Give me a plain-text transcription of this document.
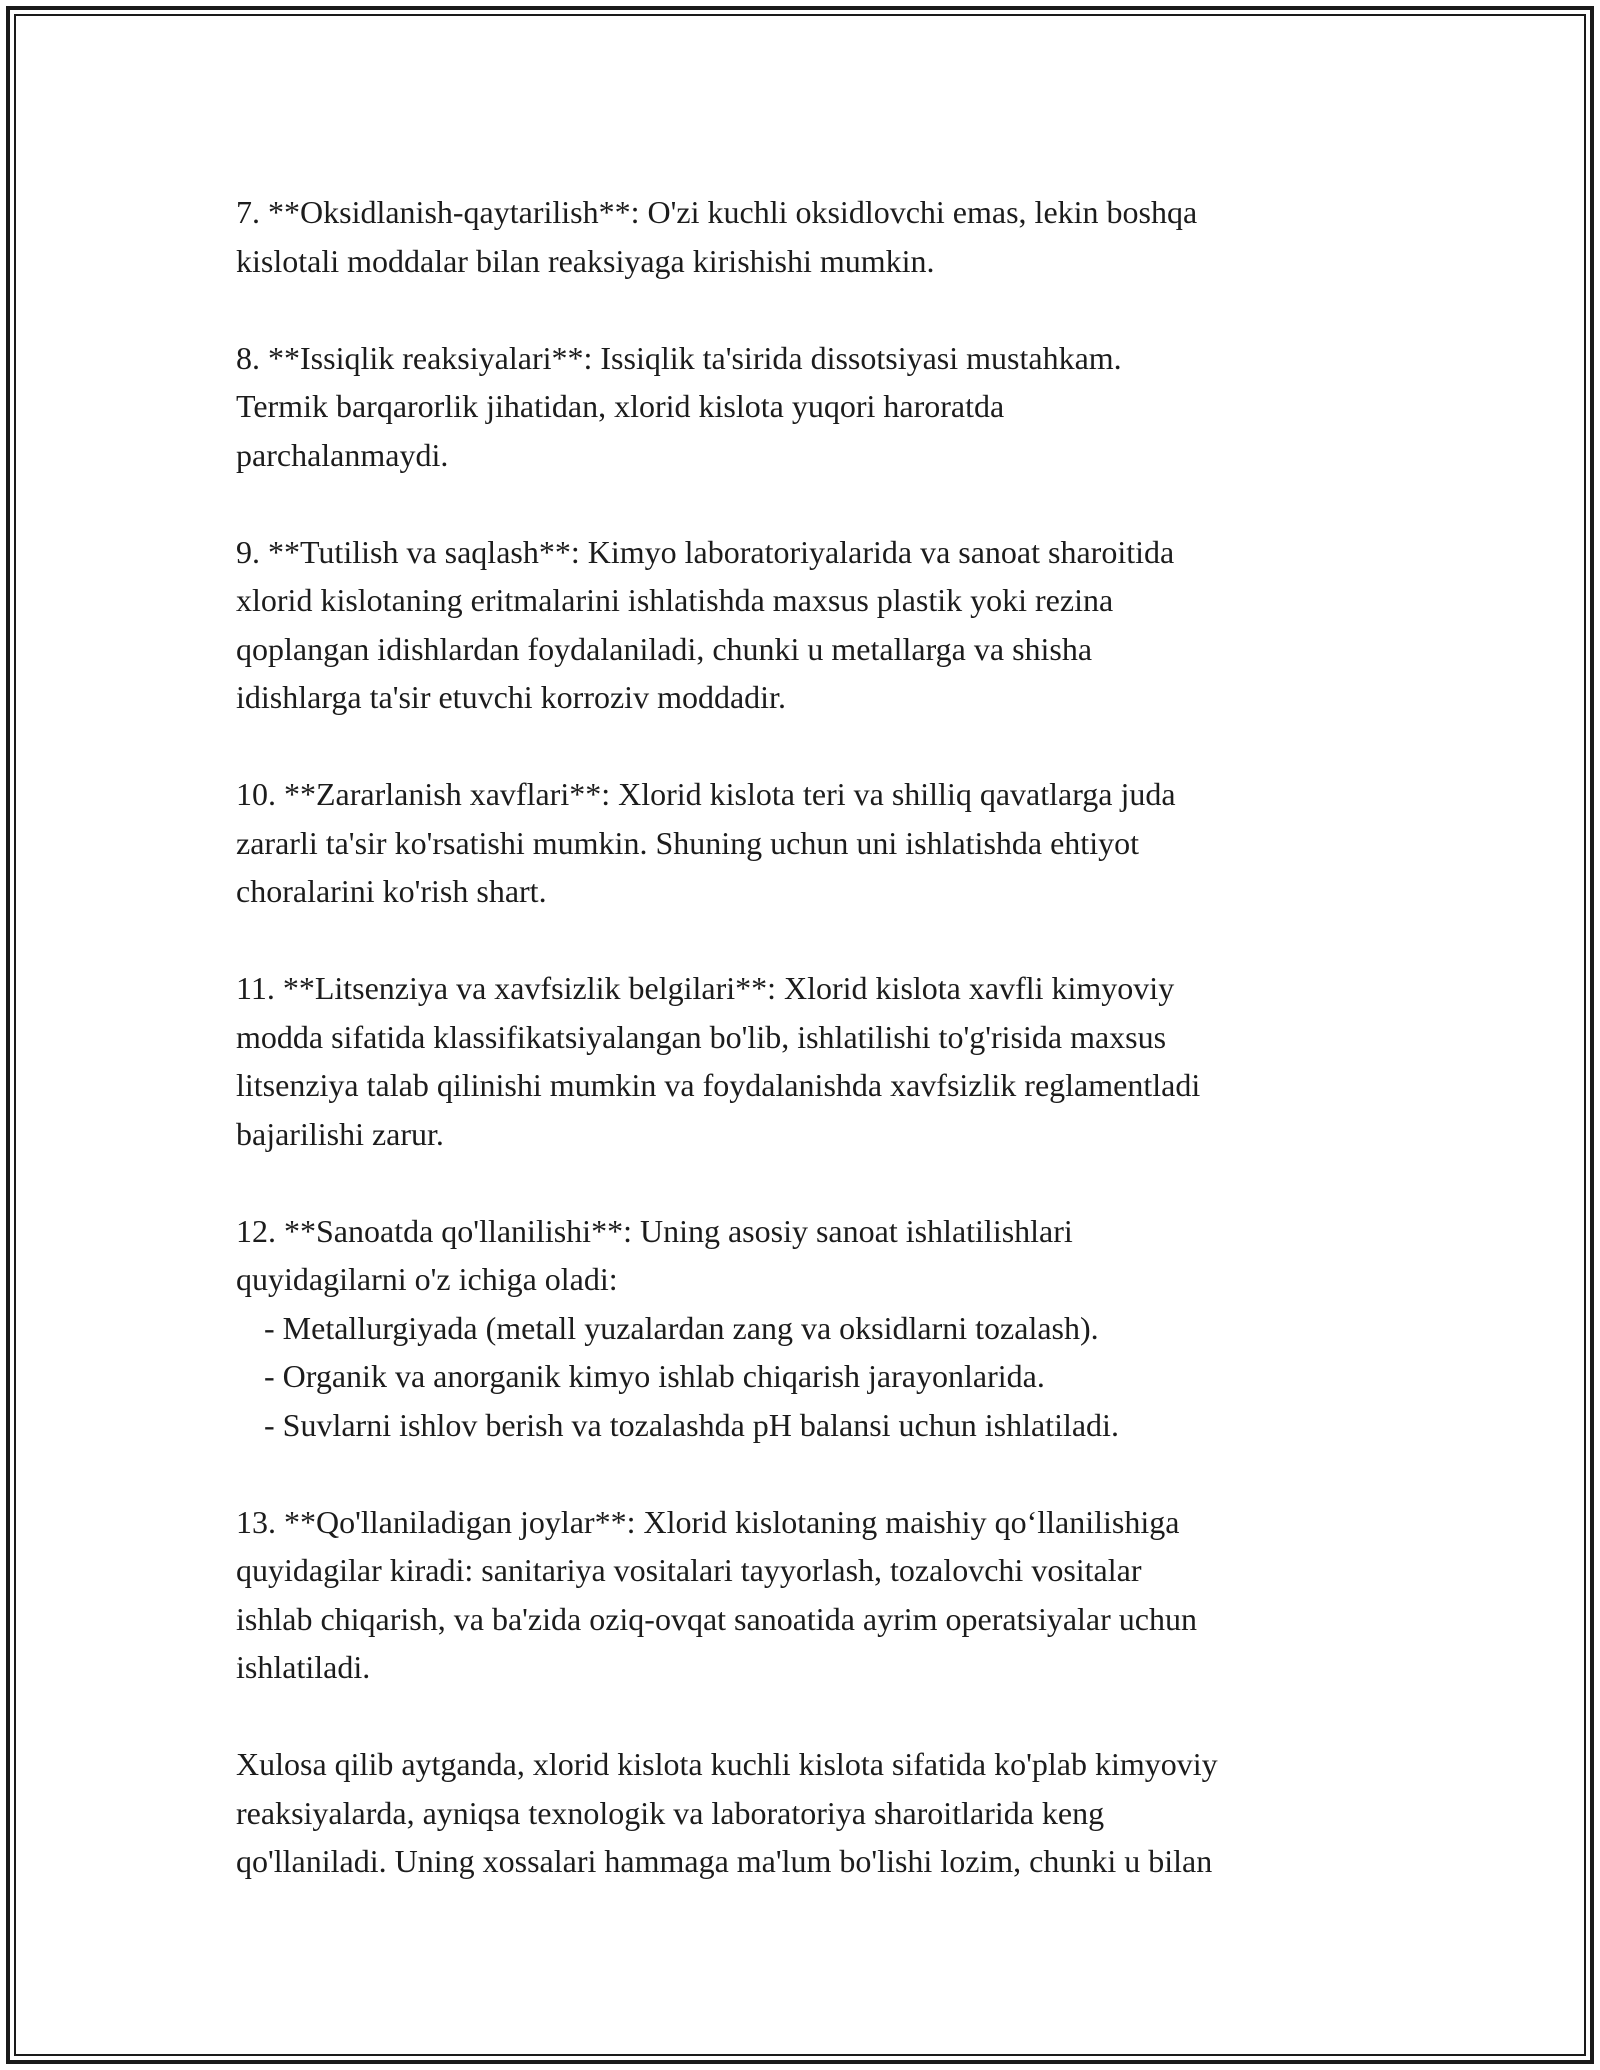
7. **Oksidlanish-qaytarilish**: O'zi kuchli oksidlovchi emas, lekin boshqa
kislotali moddalar bilan reaksiyaga kirishishi mumkin.

8. **Issiqlik reaksiyalari**: Issiqlik ta'sirida dissotsiyasi mustahkam.
Termik barqarorlik jihatidan, xlorid kislota yuqori haroratda
parchalanmaydi.

9. **Tutilish va saqlash**: Kimyo laboratoriyalarida va sanoat sharoitida
xlorid kislotaning eritmalarini ishlatishda maxsus plastik yoki rezina
qoplangan idishlardan foydalaniladi, chunki u metallarga va shisha
idishlarga ta'sir etuvchi korroziv moddadir.

10. **Zararlanish xavflari**: Xlorid kislota teri va shilliq qavatlarga juda
zararli ta'sir ko'rsatishi mumkin. Shuning uchun uni ishlatishda ehtiyot
choralarini ko'rish shart.

11. **Litsenziya va xavfsizlik belgilari**: Xlorid kislota xavfli kimyoviy
modda sifatida klassifikatsiyalangan bo'lib, ishlatilishi to'g'risida maxsus
litsenziya talab qilinishi mumkin va foydalanishda xavfsizlik reglamentladi
bajarilishi zarur.

12. **Sanoatda qo'llanilishi**: Uning asosiy sanoat ishlatilishlari
quyidagilarni o'z ichiga oladi:
- Metallurgiyada (metall yuzalardan zang va oksidlarni tozalash).
- Organik va anorganik kimyo ishlab chiqarish jarayonlarida.
- Suvlarni ishlov berish va tozalashda pH balansi uchun ishlatiladi.

13. **Qo'llaniladigan joylar**: Xlorid kislotaning maishiy qo‘llanilishiga
quyidagilar kiradi: sanitariya vositalari tayyorlash, tozalovchi vositalar
ishlab chiqarish, va ba'zida oziq-ovqat sanoatida ayrim operatsiyalar uchun
ishlatiladi.

Xulosa qilib aytganda, xlorid kislota kuchli kislota sifatida ko'plab kimyoviy
reaksiyalarda, ayniqsa texnologik va laboratoriya sharoitlarida keng
qo'llaniladi. Uning xossalari hammaga ma'lum bo'lishi lozim, chunki u bilan
